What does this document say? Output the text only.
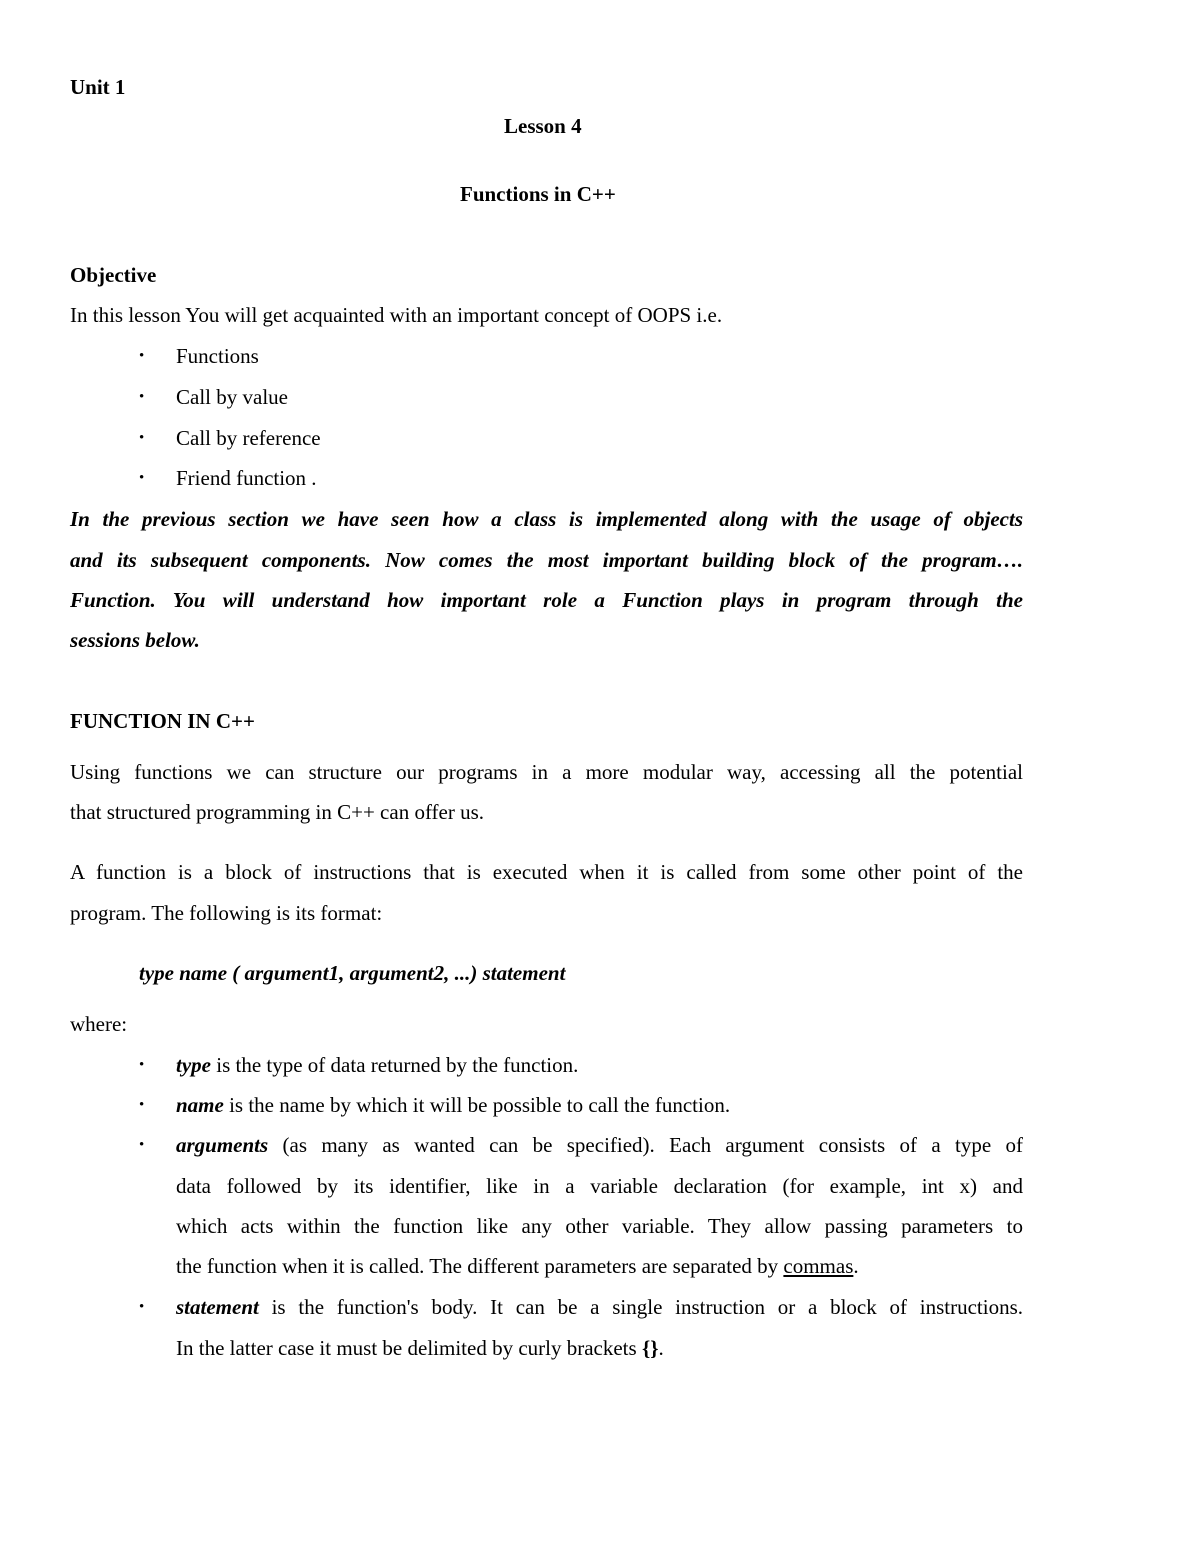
Unit 1
Lesson 4
Functions in C++
Objective
In this lesson You will get acquainted with an important concept of OOPS i.e.
• Functions
• Call by value
• Call by reference
• Friend function .
In the previous section we have seen how a class is implemented along with the usage of objects
and its subsequent components. Now comes the most important building block of the program….
Function. You will understand how important role a Function plays in program through the
sessions below.
FUNCTION IN C++
Using functions we can structure our programs in a more modular way, accessing all the potential
that structured programming in C++ can offer us.
A function is a block of instructions that is executed when it is called from some other point of the
program. The following is its format:
type name ( argument1, argument2, ...) statement
where:
• type is the type of data returned by the function.
• name is the name by which it will be possible to call the function.
• arguments (as many as wanted can be specified). Each argument consists of a type of
data followed by its identifier, like in a variable declaration (for example, int x) and
which acts within the function like any other variable. They allow passing parameters to
the function when it is called. The different parameters are separated by commas.
• statement is the function's body. It can be a single instruction or a block of instructions.
In the latter case it must be delimited by curly brackets {}.
